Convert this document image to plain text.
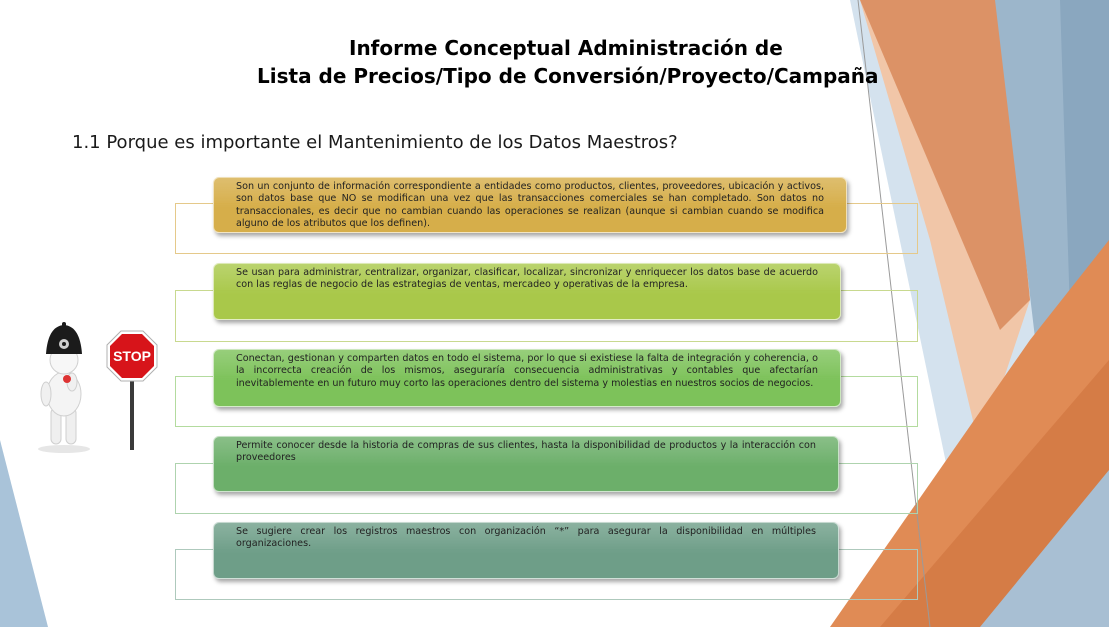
Informe Conceptual Administración de
Lista de Precios/Tipo de Conversión/Proyecto/Campaña
1.1 Porque es importante el Mantenimiento de los Datos Maestros?
Son un conjunto de información correspondiente a entidades como productos, clientes, proveedores, ubicación y activos, son datos base que NO se modifican una vez que las transacciones comerciales se han completado. Son datos no transaccionales, es decir que no cambian cuando las operaciones se realizan (aunque si cambian cuando se modifica alguno de los atributos que los definen).
Se usan para administrar, centralizar, organizar, clasificar, localizar, sincronizar y enriquecer los datos base de acuerdo con las reglas de negocio de las estrategias de ventas, mercadeo y operativas de la empresa.
Conectan, gestionan y comparten datos en todo el sistema, por lo que si existiese la falta de integración y coherencia, o la incorrecta creación de los mismos, aseguraría consecuencia administrativas y contables que afectarían inevitablemente en un futuro muy corto las operaciones dentro del sistema y molestias en nuestros socios de negocios.
Permite conocer desde la historia de compras de sus clientes, hasta la disponibilidad de productos y la interacción con proveedores
Se sugiere crear los registros maestros con organización “*” para asegurar la disponibilidad en múltiples organizaciones.
STOP
